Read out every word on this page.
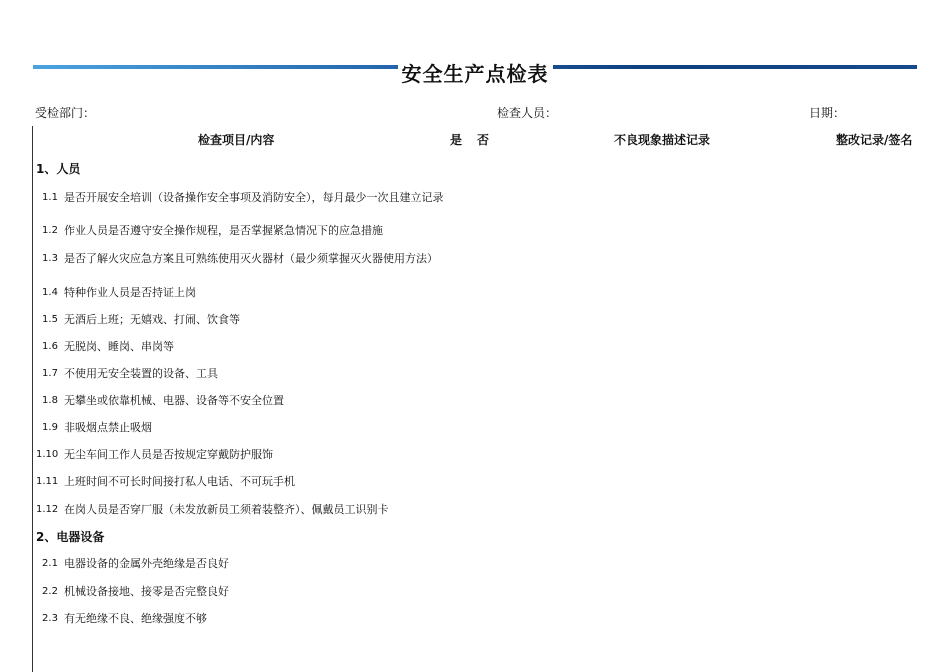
安全生产点检表
受检部门：	检查人员：	日期：
检查项目/内容	是 否	不良现象描述记录	整改记录/签名
1、人员
1.1 是否开展安全培训（设备操作安全事项及消防安全），每月最少一次且建立记录
1.2 作业人员是否遵守安全操作规程，是否掌握紧急情况下的应急措施
1.3 是否了解火灾应急方案且可熟练使用灭火器材（最少须掌握灭火器使用方法）
1.4 特种作业人员是否持证上岗
1.5 无酒后上班；无嬉戏、打闹、饮食等
1.6 无脱岗、睡岗、串岗等
1.7 不使用无安全装置的设备、工具
1.8 无攀坐或依靠机械、电器、设备等不安全位置
1.9 非吸烟点禁止吸烟
1.10 无尘车间工作人员是否按规定穿戴防护服饰
1.11 上班时间不可长时间接打私人电话、不可玩手机
1.12 在岗人员是否穿厂服（未发放新员工须着装整齐）、佩戴员工识别卡
2、电器设备
2.1 电器设备的金属外壳绝缘是否良好
2.2 机械设备接地、接零是否完整良好
2.3 有无绝缘不良、绝缘强度不够
